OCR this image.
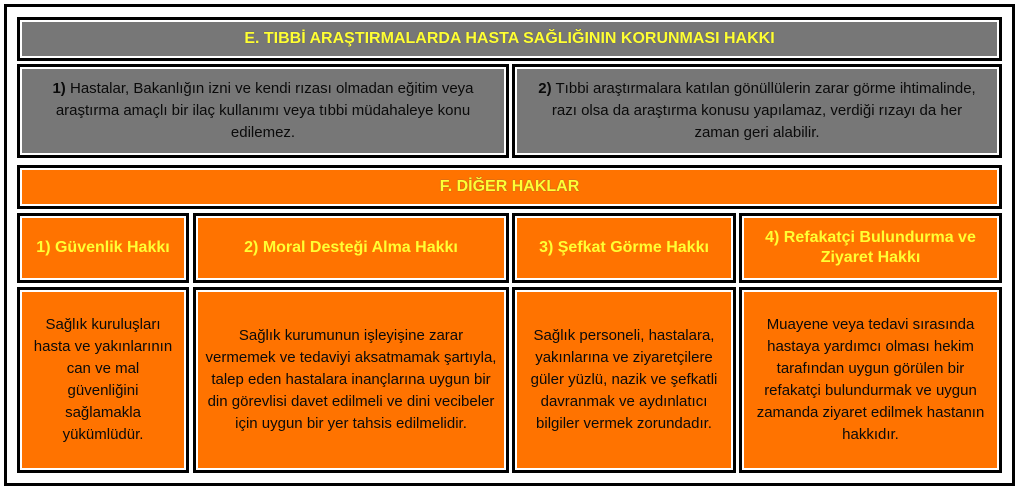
E. TIBBİ ARAŞTIRMALARDA HASTA SAĞLIĞININ KORUNMASI HAKKI
1) Hastalar, Bakanlığın izni ve kendi rızası olmadan eğitim veya araştırma amaçlı bir ilaç kullanımı veya tıbbi müdahaleye konu edilemez.
2) Tıbbi araştırmalara katılan gönüllülerin zarar görme ihtimalinde, razı olsa da araştırma konusu yapılamaz, verdiği rızayı da her zaman geri alabilir.
F. DİĞER HAKLAR
1) Güvenlik Hakkı	2) Moral Desteği Alma Hakkı	3) Şefkat Görme Hakkı
4) Refakatçi Bulundurma ve Ziyaret Hakkı
Sağlık kuruluşları hasta ve yakınlarının can ve mal güvenliğini sağlamakla yükümlüdür.
Sağlık kurumunun işleyişine zarar vermemek ve tedaviyi aksatmamak şartıyla, talep eden hastalara inançlarına uygun bir din görevlisi davet edilmeli ve dini vecibeler için uygun bir yer tahsis edilmelidir.
Sağlık personeli, hastalara, yakınlarına ve ziyaretçilere güler yüzlü, nazik ve şefkatli davranmak ve aydınlatıcı bilgiler vermek zorundadır.
Muayene veya tedavi sırasında hastaya yardımcı olması hekim tarafından uygun görülen bir refakatçi bulundurmak ve uygun zamanda ziyaret edilmek hastanın hakkıdır.
